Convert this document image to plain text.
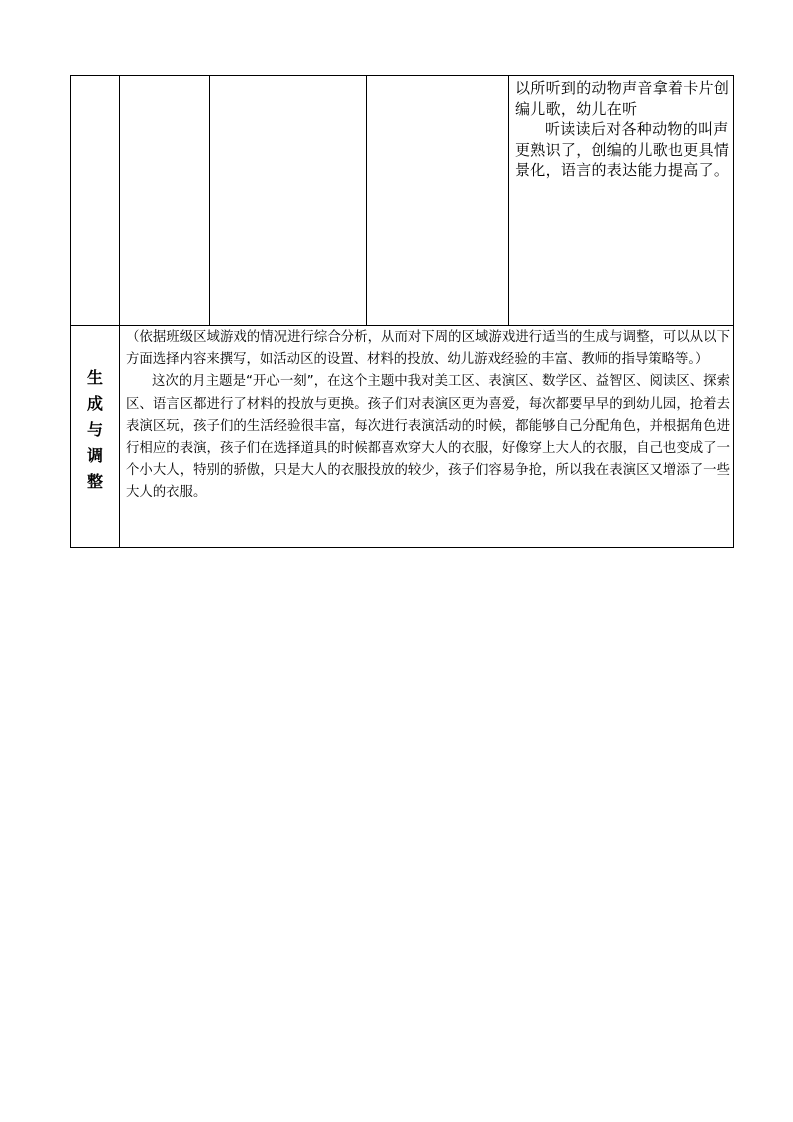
以所听到的动物声音拿着卡片创编儿歌，幼儿在听

听读读后对各种动物的叫声更熟识了，创编的儿歌也更具情景化，语言的表达能力提高了。

生成与调整

（依据班级区域游戏的情况进行综合分析，从而对下周的区域游戏进行适当的生成与调整，可以从以下方面选择内容来撰写，如活动区的设置、材料的投放、幼儿游戏经验的丰富、教师的指导策略等。）

这次的月主题是“开心一刻”，在这个主题中我对美工区、表演区、数学区、益智区、阅读区、探索区、语言区都进行了材料的投放与更换。孩子们对表演区更为喜爱，每次都要早早的到幼儿园，抢着去表演区玩，孩子们的生活经验很丰富，每次进行表演活动的时候，都能够自己分配角色，并根据角色进行相应的表演，孩子们在选择道具的时候都喜欢穿大人的衣服，好像穿上大人的衣服，自己也变成了一个小大人，特别的骄傲，只是大人的衣服投放的较少，孩子们容易争抢，所以我在表演区又增添了一些大人的衣服。
